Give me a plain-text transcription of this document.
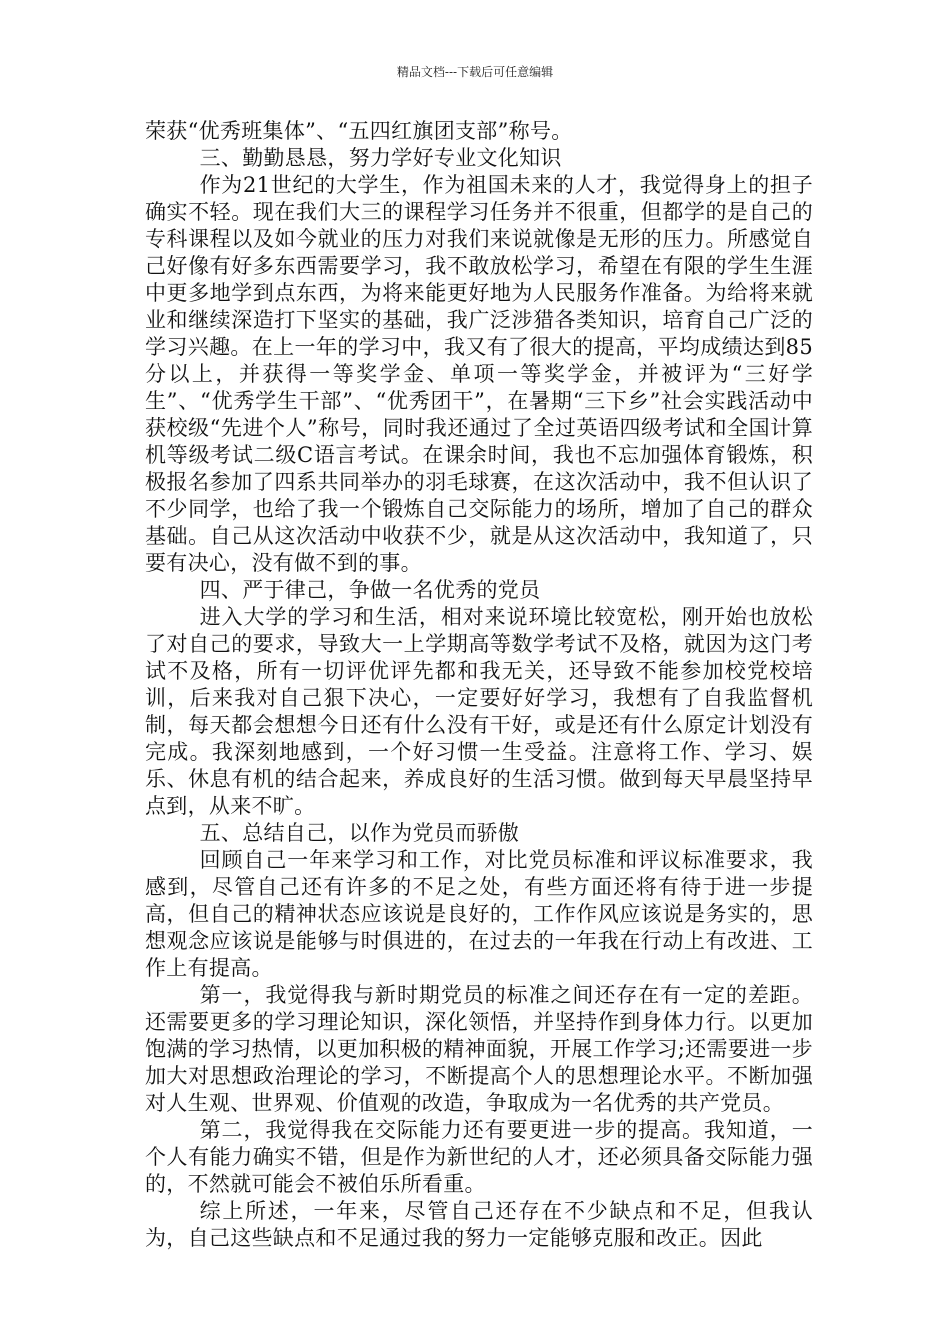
精品文档---下载后可任意编辑

荣获“优秀班集体”、“五四红旗团支部”称号。

三、勤勤恳恳，努力学好专业文化知识

作为21世纪的大学生，作为祖国未来的人才，我觉得身上的担子确实不轻。现在我们大三的课程学习任务并不很重，但都学的是自己的专科课程以及如今就业的压力对我们来说就像是无形的压力。所感觉自己好像有好多东西需要学习，我不敢放松学习，希望在有限的学生生涯中更多地学到点东西，为将来能更好地为人民服务作准备。为给将来就业和继续深造打下坚实的基础，我广泛涉猎各类知识，培育自己广泛的学习兴趣。在上一年的学习中，我又有了很大的提高，平均成绩达到85分以上，并获得一等奖学金、单项一等奖学金，并被评为“三好学生”、“优秀学生干部”、“优秀团干”，在暑期“三下乡”社会实践活动中获校级“先进个人”称号，同时我还通过了全过英语四级考试和全国计算机等级考试二级C语言考试。在课余时间，我也不忘加强体育锻炼，积极报名参加了四系共同举办的羽毛球赛，在这次活动中，我不但认识了不少同学，也给了我一个锻炼自己交际能力的场所，增加了自己的群众基础。自己从这次活动中收获不少，就是从这次活动中，我知道了，只要有决心，没有做不到的事。

四、严于律己，争做一名优秀的党员

进入大学的学习和生活，相对来说环境比较宽松，刚开始也放松了对自己的要求，导致大一上学期高等数学考试不及格，就因为这门考试不及格，所有一切评优评先都和我无关，还导致不能参加校党校培训，后来我对自己狠下决心，一定要好好学习，我想有了自我监督机制，每天都会想想今日还有什么没有干好，或是还有什么原定计划没有完成。我深刻地感到，一个好习惯一生受益。注意将工作、学习、娱乐、休息有机的结合起来，养成良好的生活习惯。做到每天早晨坚持早点到，从来不旷。

五、总结自己，以作为党员而骄傲

回顾自己一年来学习和工作，对比党员标准和评议标准要求，我感到，尽管自己还有许多的不足之处，有些方面还将有待于进一步提高，但自己的精神状态应该说是良好的，工作作风应该说是务实的，思想观念应该说是能够与时俱进的，在过去的一年我在行动上有改进、工作上有提高。

第一，我觉得我与新时期党员的标准之间还存在有一定的差距。还需要更多的学习理论知识，深化领悟，并坚持作到身体力行。以更加饱满的学习热情，以更加积极的精神面貌，开展工作学习;还需要进一步加大对思想政治理论的学习，不断提高个人的思想理论水平。不断加强对人生观、世界观、价值观的改造，争取成为一名优秀的共产党员。

第二，我觉得我在交际能力还有要更进一步的提高。我知道，一个人有能力确实不错，但是作为新世纪的人才，还必须具备交际能力强的，不然就可能会不被伯乐所看重。

综上所述，一年来，尽管自己还存在不少缺点和不足，但我认为，自己这些缺点和不足通过我的努力一定能够克服和改正。因此
